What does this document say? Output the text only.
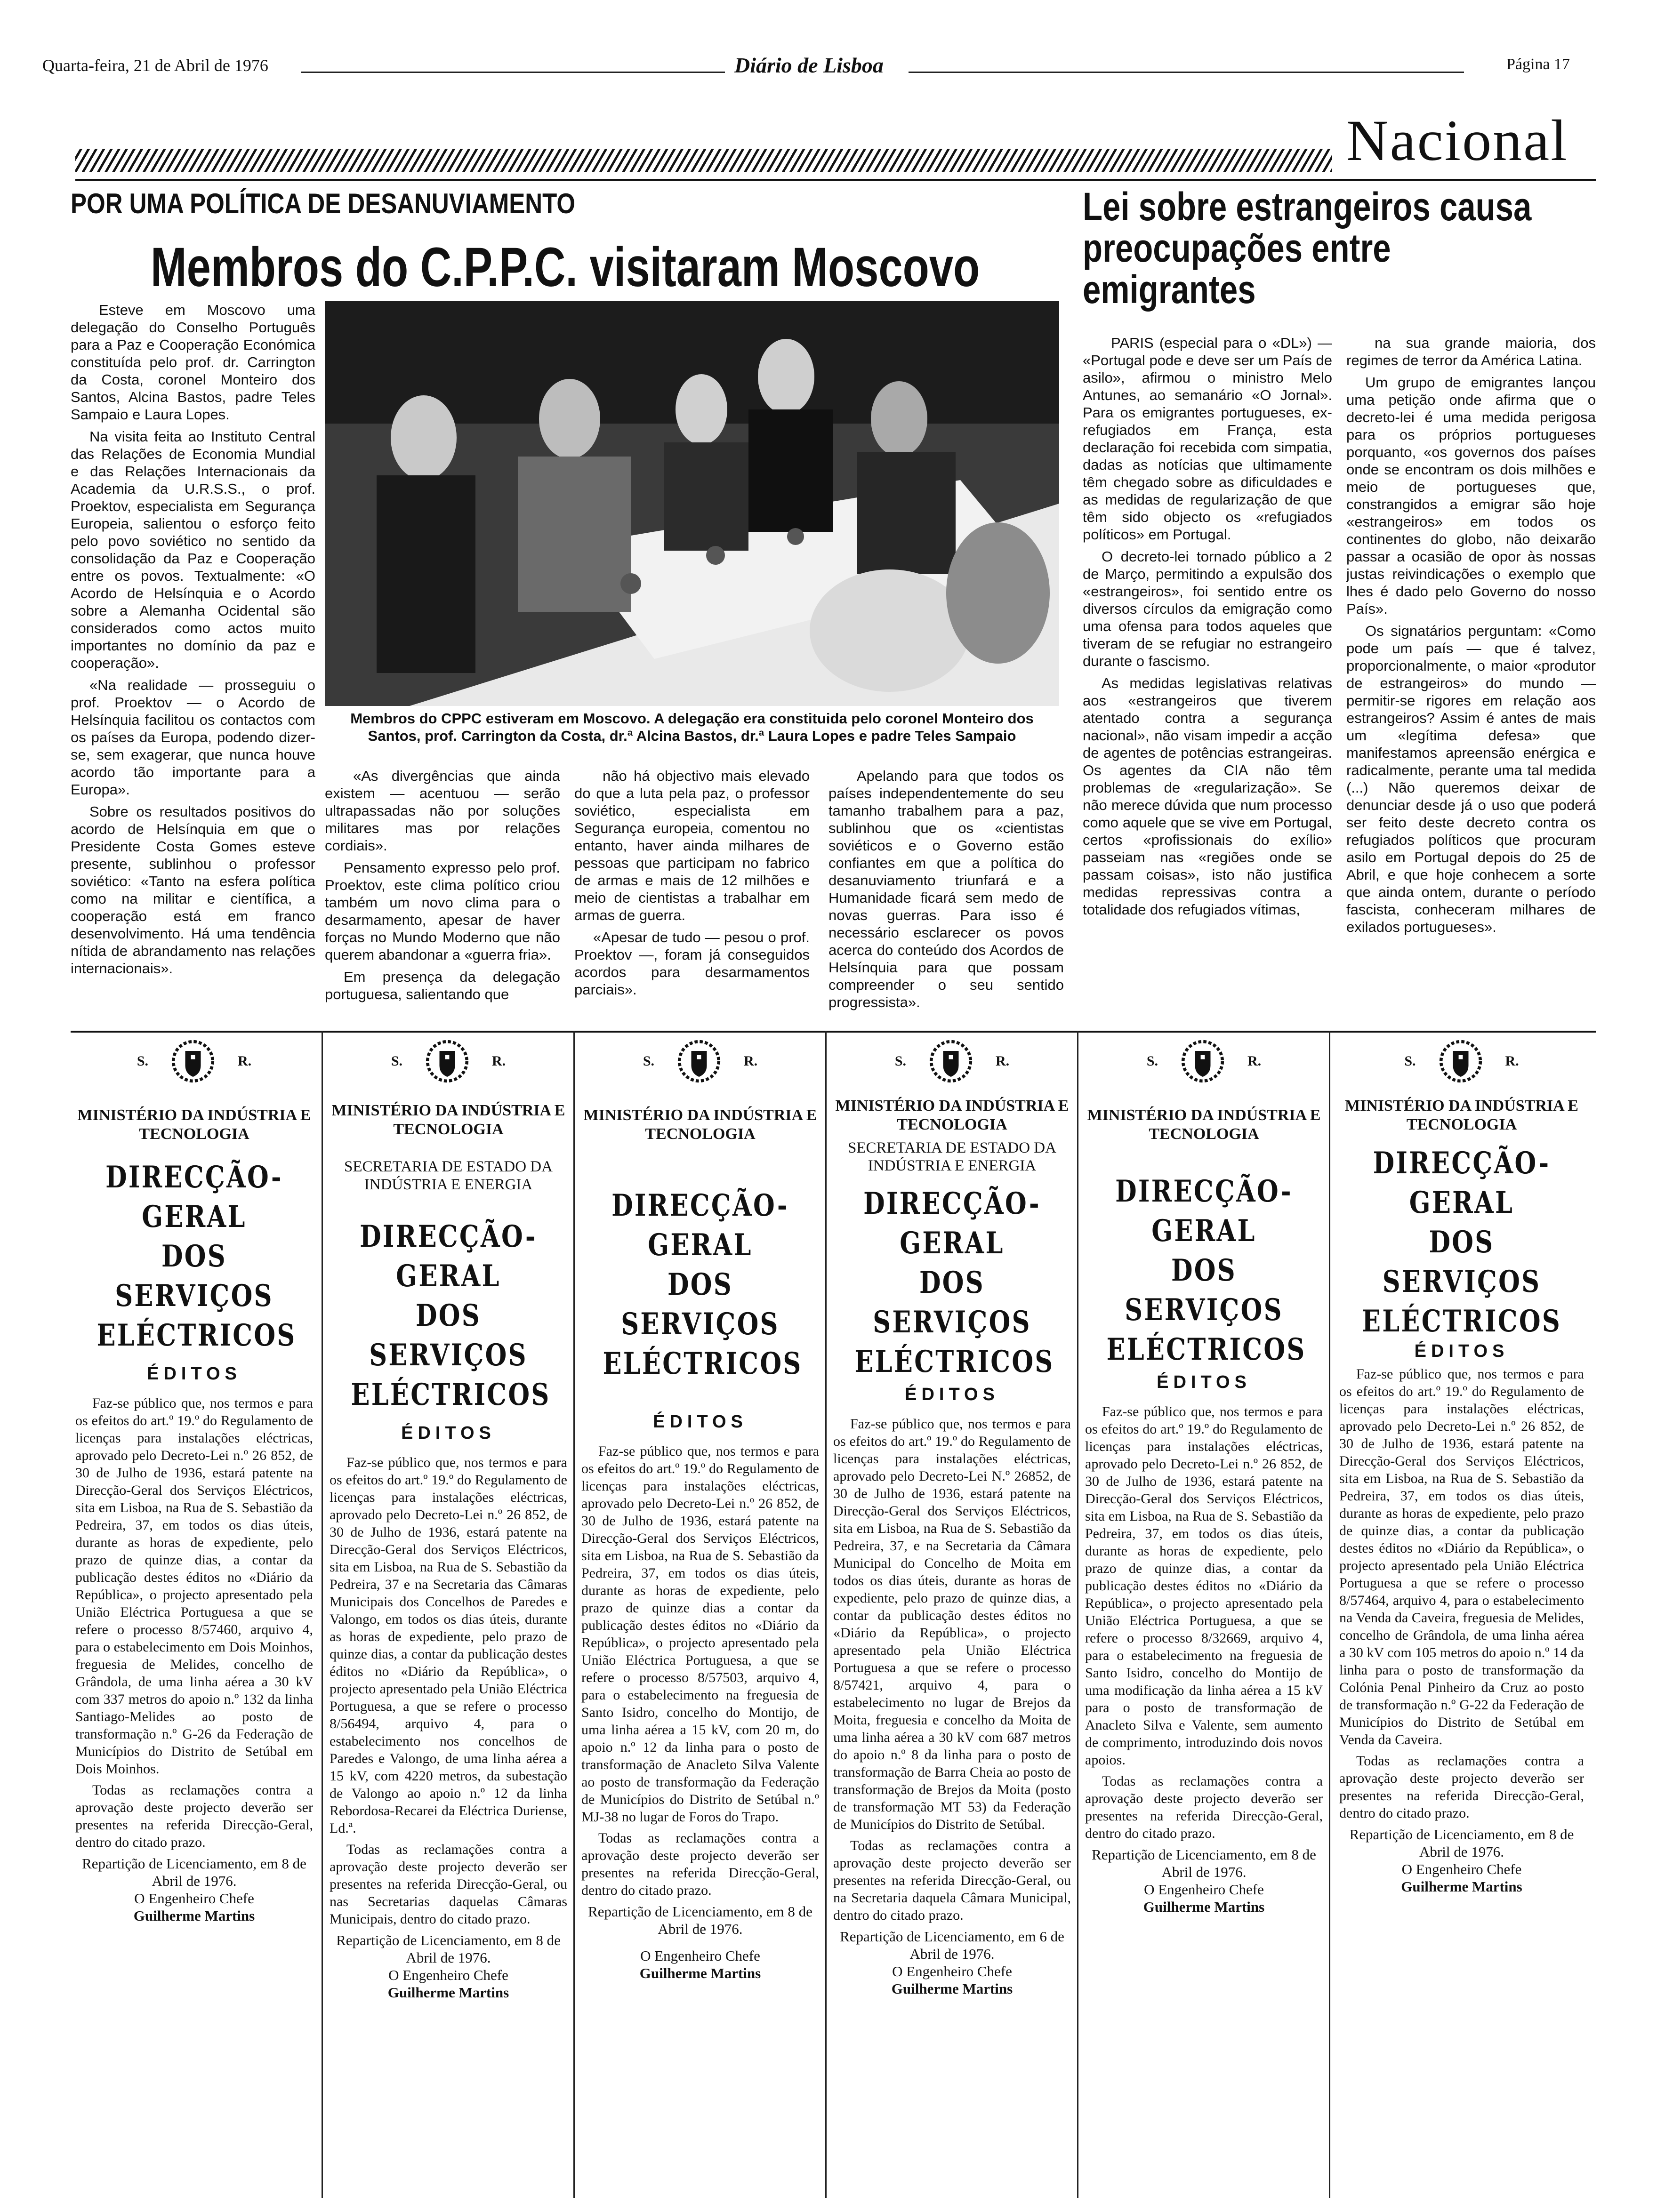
Quarta-feira, 21 de Abril de 1976	Diário de Lisboa	Página 17
Nacional
POR UMA POLÍTICA DE DESANUVIAMENTO
Membros do C.P.P.C. visitaram Moscovo

Esteve em Moscovo uma delegação do Conselho Português para a Paz e Cooperação Económica constituída pelo prof. dr. Carrington da Costa, coronel Monteiro dos Santos, Alcina Bastos, padre Teles Sampaio e Laura Lopes.

Na visita feita ao Instituto Central das Relações de Economia Mundial e das Relações Internacionais da Academia da U.R.S.S., o prof. Proektov, especialista em Segurança Europeia, salientou o esforço feito pelo povo soviético no sentido da consolidação da Paz e Cooperação entre os povos. Textualmente: «O Acordo de Helsínquia e o Acordo sobre a Alemanha Ocidental são considerados como actos muito importantes no domínio da paz e cooperação».

«Na realidade — prosseguiu o prof. Proektov — o Acordo de Helsínquia facilitou os contactos com os países da Europa, podendo dizer-se, sem exagerar, que nunca houve acordo tão importante para a Europa».

Sobre os resultados positivos do acordo de Helsínquia em que o Presidente Costa Gomes esteve presente, sublinhou o professor soviético: «Tanto na esfera política como na militar e científica, a cooperação está em franco desenvolvimento. Há uma tendência nítida de abrandamento nas relações internacionais».

Membros do CPPC estiveram em Moscovo. A delegação era constituida pelo coronel Monteiro dos Santos, prof. Carrington da Costa, dr.ª Alcina Bastos, dr.ª Laura Lopes e padre Teles Sampaio

«As divergências que ainda existem — acentuou — serão ultrapassadas não por soluções militares mas por relações cordiais».

Pensamento expresso pelo prof. Proektov, este clima político criou também um novo clima para o desarmamento, apesar de haver forças no Mundo Moderno que não querem abandonar a «guerra fria».

Em presença da delegação portuguesa, salientando que

não há objectivo mais elevado do que a luta pela paz, o professor soviético, especialista em Segurança europeia, comentou no entanto, haver ainda milhares de pessoas que participam no fabrico de armas e mais de 12 milhões e meio de cientistas a trabalhar em armas de guerra.

«Apesar de tudo — pesou o prof. Proektov —, foram já conseguidos acordos para desarmamentos parciais».

Apelando para que todos os países independentemente do seu tamanho trabalhem para a paz, sublinhou que os «cientistas soviéticos e o Governo estão confiantes em que a política do desanuviamento triunfará e a Humanidade ficará sem medo de novas guerras. Para isso é necessário esclarecer os povos acerca do conteúdo dos Acordos de Helsínquia para que possam compreender o seu sentido progressista».

Lei sobre estrangeiros causa preocupações entre emigrantes

PARIS (especial para o «DL») — «Portugal pode e deve ser um País de asilo», afirmou o ministro Melo Antunes, ao semanário «O Jornal». Para os emigrantes portugueses, ex-refugiados em França, esta declaração foi recebida com simpatia, dadas as notícias que ultimamente têm chegado sobre as dificuldades e as medidas de regularização de que têm sido objecto os «refugiados políticos» em Portugal.

O decreto-lei tornado público a 2 de Março, permitindo a expulsão dos «estrangeiros», foi sentido entre os diversos círculos da emigração como uma ofensa para todos aqueles que tiveram de se refugiar no estrangeiro durante o fascismo.

As medidas legislativas relativas aos «estrangeiros que tiverem atentado contra a segurança nacional», não visam impedir a acção de agentes de potências estrangeiras. Os agentes da CIA não têm problemas de «regularização». Se não merece dúvida que num processo como aquele que se vive em Portugal, certos «profissionais do exílio» passeiam nas «regiões onde se passam coisas», isto não justifica medidas repressivas contra a totalidade dos refugiados vítimas,

na sua grande maioria, dos regimes de terror da América Latina.

Um grupo de emigrantes lançou uma petição onde afirma que o decreto-lei é uma medida perigosa para os próprios portugueses porquanto, «os governos dos países onde se encontram os dois milhões e meio de portugueses que, constrangidos a emigrar são hoje «estrangeiros» em todos os continentes do globo, não deixarão passar a ocasião de opor às nossas justas reivindicações o exemplo que lhes é dado pelo Governo do nosso País».

Os signatários perguntam: «Como pode um país — que é talvez, proporcionalmente, o maior «produtor de estrangeiros» do mundo — permitir-se rigores em relação aos estrangeiros? Assim é antes de mais um «legítima defesa» que manifestamos apreensão enérgica e radicalmente, perante uma tal medida (...) Não queremos deixar de denunciar desde já o uso que poderá ser feito deste decreto contra os refugiados políticos que procuram asilo em Portugal depois do 25 de Abril, e que hoje conhecem a sorte que ainda ontem, durante o período fascista, conheceram milhares de exilados portugueses».

S.	R.
MINISTÉRIO DA INDÚSTRIA E TECNOLOGIA
DIRECÇÃO-GERAL
DOS SERVIÇOS
ELÉCTRICOS
ÉDITOS

Faz-se público que, nos termos e para os efeitos do art.º 19.º do Regulamento de licenças para instalações eléctricas, aprovado pelo Decreto-Lei n.º 26 852, de 30 de Julho de 1936, estará patente na Direcção-Geral dos Serviços Eléctricos, sita em Lisboa, na Rua de S. Sebastião da Pedreira, 37, em todos os dias úteis, durante as horas de expediente, pelo prazo de quinze dias, a contar da publicação destes éditos no «Diário da República», o projecto apresentado pela União Eléctrica Portuguesa a que se refere o processo 8/57460, arquivo 4, para o estabelecimento em Dois Moinhos, freguesia de Melides, concelho de Grândola, de uma linha aérea a 30 kV com 337 metros do apoio n.º 132 da linha Santiago-Melides ao posto de transformação n.º G-26 da Federação de Municípios do Distrito de Setúbal em Dois Moinhos.

Todas as reclamações contra a aprovação deste projecto deverão ser presentes na referida Direcção-Geral, dentro do citado prazo.

Repartição de Licenciamento, em 8 de Abril de 1976.
O Engenheiro Chefe
Guilherme Martins
S.	R.
MINISTÉRIO DA INDÚSTRIA E TECNOLOGIA
SECRETARIA DE ESTADO DA INDÚSTRIA E ENERGIA
DIRECÇÃO-GERAL
DOS SERVIÇOS
ELÉCTRICOS
ÉDITOS

Faz-se público que, nos termos e para os efeitos do art.º 19.º do Regulamento de licenças para instalações eléctricas, aprovado pelo Decreto-Lei n.º 26 852, de 30 de Julho de 1936, estará patente na Direcção-Geral dos Serviços Eléctricos, sita em Lisboa, na Rua de S. Sebastião da Pedreira, 37 e na Secretaria das Câmaras Municipais dos Concelhos de Paredes e Valongo, em todos os dias úteis, durante as horas de expediente, pelo prazo de quinze dias, a contar da publicação destes éditos no «Diário da República», o projecto apresentado pela União Eléctrica Portuguesa, a que se refere o processo 8/56494, arquivo 4, para o estabelecimento nos concelhos de Paredes e Valongo, de uma linha aérea a 15 kV, com 4220 metros, da subestação de Valongo ao apoio n.º 12 da linha Rebordosa-Recarei da Eléctrica Duriense, Ld.ª.

Todas as reclamações contra a aprovação deste projecto deverão ser presentes na referida Direcção-Geral, ou nas Secretarias daquelas Câmaras Municipais, dentro do citado prazo.

Repartição de Licenciamento, em 8 de Abril de 1976.
O Engenheiro Chefe
Guilherme Martins
S.	R.
MINISTÉRIO DA INDÚSTRIA E TECNOLOGIA
DIRECÇÃO-GERAL
DOS SERVIÇOS
ELÉCTRICOS
ÉDITOS

Faz-se público que, nos termos e para os efeitos do art.º 19.º do Regulamento de licenças para instalações eléctricas, aprovado pelo Decreto-Lei n.º 26 852, de 30 de Julho de 1936, estará patente na Direcção-Geral dos Serviços Eléctricos, sita em Lisboa, na Rua de S. Sebastião da Pedreira, 37, em todos os dias úteis, durante as horas de expediente, pelo prazo de quinze dias a contar da publicação destes éditos no «Diário da República», o projecto apresentado pela União Eléctrica Portuguesa, a que se refere o processo 8/57503, arquivo 4, para o estabelecimento na freguesia de Santo Isidro, concelho do Montijo, de uma linha aérea a 15 kV, com 20 m, do apoio n.º 12 da linha para o posto de transformação de Anacleto Silva Valente ao posto de transformação da Federação de Municípios do Distrito de Setúbal n.º MJ-38 no lugar de Foros do Trapo.

Todas as reclamações contra a aprovação deste projecto deverão ser presentes na referida Direcção-Geral, dentro do citado prazo.

Repartição de Licenciamento, em 8 de Abril de 1976.
O Engenheiro Chefe
Guilherme Martins
S.	R.
MINISTÉRIO DA INDÚSTRIA E TECNOLOGIA
SECRETARIA DE ESTADO DA INDÚSTRIA E ENERGIA
DIRECÇÃO-GERAL
DOS SERVIÇOS
ELÉCTRICOS
ÉDITOS

Faz-se público que, nos termos e para os efeitos do art.º 19.º do Regulamento de licenças para instalações eléctricas, aprovado pelo Decreto-Lei N.º 26852, de 30 de Julho de 1936, estará patente na Direcção-Geral dos Serviços Eléctricos, sita em Lisboa, na Rua de S. Sebastião da Pedreira, 37, e na Secretaria da Câmara Municipal do Concelho de Moita em todos os dias úteis, durante as horas de expediente, pelo prazo de quinze dias, a contar da publicação destes éditos no «Diário da República», o projecto apresentado pela União Eléctrica Portuguesa a que se refere o processo 8/57421, arquivo 4, para o estabelecimento no lugar de Brejos da Moita, freguesia e concelho da Moita de uma linha aérea a 30 kV com 687 metros do apoio n.º 8 da linha para o posto de transformação de Barra Cheia ao posto de transformação de Brejos da Moita (posto de transformação MT 53) da Federação de Municípios do Distrito de Setúbal.

Todas as reclamações contra a aprovação deste projecto deverão ser presentes na referida Direcção-Geral, ou na Secretaria daquela Câmara Municipal, dentro do citado prazo.

Repartição de Licenciamento, em 6 de Abril de 1976.
O Engenheiro Chefe
Guilherme Martins
S.	R.
MINISTÉRIO DA INDÚSTRIA E TECNOLOGIA
DIRECÇÃO-GERAL
DOS SERVIÇOS
ELÉCTRICOS
ÉDITOS

Faz-se público que, nos termos e para os efeitos do art.º 19.º do Regulamento de licenças para instalações eléctricas, aprovado pelo Decreto-Lei n.º 26 852, de 30 de Julho de 1936, estará patente na Direcção-Geral dos Serviços Eléctricos, sita em Lisboa, na Rua de S. Sebastião da Pedreira, 37, em todos os dias úteis, durante as horas de expediente, pelo prazo de quinze dias, a contar da publicação destes éditos no «Diário da República», o projecto apresentado pela União Eléctrica Portuguesa, a que se refere o processo 8/32669, arquivo 4, para o estabelecimento na freguesia de Santo Isidro, concelho do Montijo de uma modificação da linha aérea a 15 kV para o posto de transformação de Anacleto Silva e Valente, sem aumento de comprimento, introduzindo dois novos apoios.

Todas as reclamações contra a aprovação deste projecto deverão ser presentes na referida Direcção-Geral, dentro do citado prazo.

Repartição de Licenciamento, em 8 de Abril de 1976.
O Engenheiro Chefe
Guilherme Martins
S.	R.
MINISTÉRIO DA INDÚSTRIA E TECNOLOGIA
DIRECÇÃO-GERAL
DOS SERVIÇOS
ELÉCTRICOS
ÉDITOS

Faz-se público que, nos termos e para os efeitos do art.º 19.º do Regulamento de licenças para instalações eléctricas, aprovado pelo Decreto-Lei n.º 26 852, de 30 de Julho de 1936, estará patente na Direcção-Geral dos Serviços Eléctricos, sita em Lisboa, na Rua de S. Sebastião da Pedreira, 37, em todos os dias úteis, durante as horas de expediente, pelo prazo de quinze dias, a contar da publicação destes éditos no «Diário da República», o projecto apresentado pela União Eléctrica Portuguesa a que se refere o processo 8/57464, arquivo 4, para o estabelecimento na Venda da Caveira, freguesia de Melides, concelho de Grândola, de uma linha aérea a 30 kV com 105 metros do apoio n.º 14 da linha para o posto de transformação da Colónia Penal Pinheiro da Cruz ao posto de transformação n.º G-22 da Federação de Municípios do Distrito de Setúbal em Venda da Caveira.

Todas as reclamações contra a aprovação deste projecto deverão ser presentes na referida Direcção-Geral, dentro do citado prazo.

Repartição de Licenciamento, em 8 de Abril de 1976.
O Engenheiro Chefe
Guilherme Martins
